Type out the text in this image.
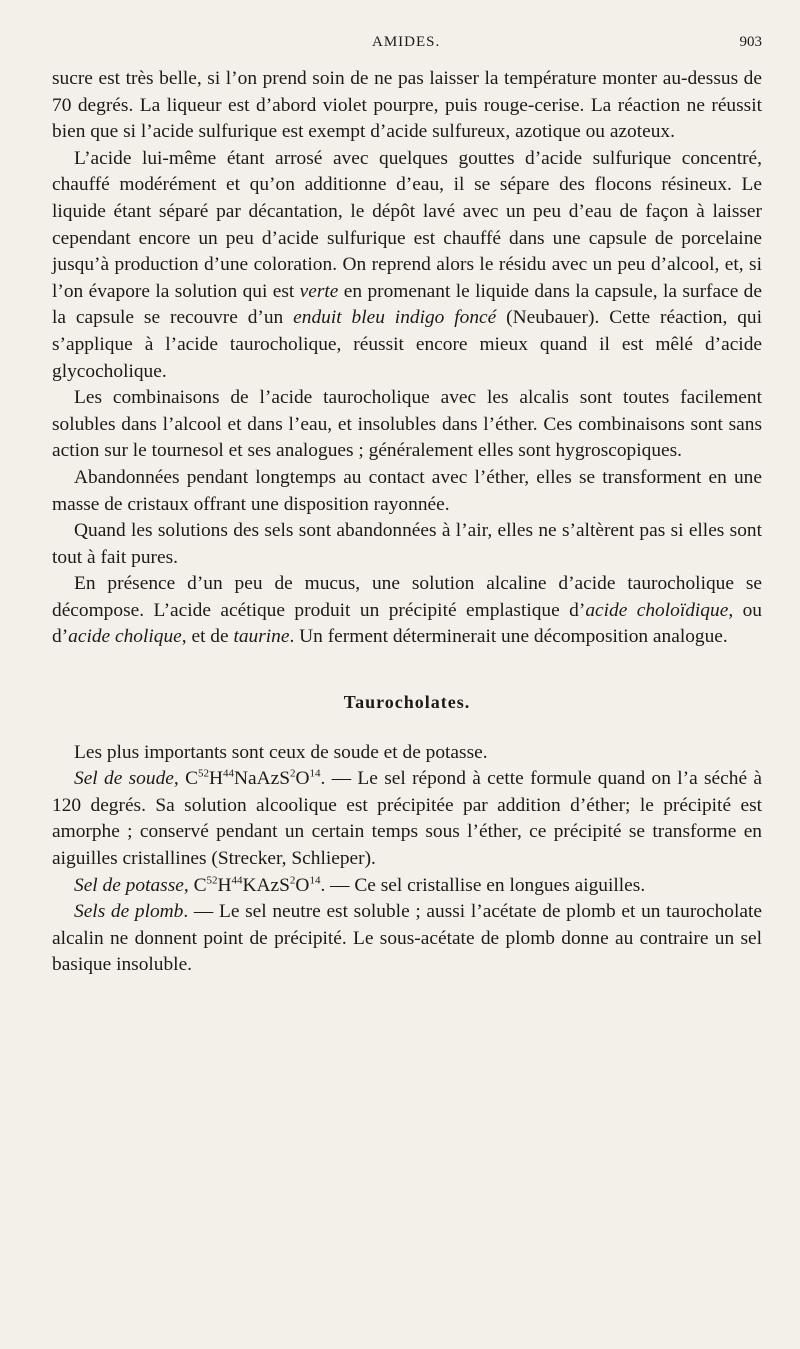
AMIDES.	903

sucre est très belle, si l’on prend soin de ne pas laisser la température monter au-dessus de 70 degrés. La liqueur est d’abord violet pourpre, puis rouge-cerise. La réaction ne réussit bien que si l’acide sulfurique est exempt d’acide sulfureux, azotique ou azoteux.

L’acide lui-même étant arrosé avec quelques gouttes d’acide sulfurique concentré, chauffé modérément et qu’on additionne d’eau, il se sépare des flocons résineux. Le liquide étant séparé par décantation, le dépôt lavé avec un peu d’eau de façon à laisser cependant encore un peu d’acide sulfurique est chauffé dans une capsule de porcelaine jusqu’à production d’une coloration. On reprend alors le résidu avec un peu d’alcool, et, si l’on évapore la solution qui est verte en promenant le liquide dans la capsule, la surface de la capsule se recouvre d’un enduit bleu indigo foncé (Neubauer). Cette réaction, qui s’applique à l’acide taurocholique, réussit encore mieux quand il est mêlé d’acide glycocholique.

Les combinaisons de l’acide taurocholique avec les alcalis sont toutes facilement solubles dans l’alcool et dans l’eau, et insolubles dans l’éther. Ces combinaisons sont sans action sur le tournesol et ses analogues ; généralement elles sont hygroscopiques.

Abandonnées pendant longtemps au contact avec l’éther, elles se transforment en une masse de cristaux offrant une disposition rayonnée.

Quand les solutions des sels sont abandonnées à l’air, elles ne s’altèrent pas si elles sont tout à fait pures.

En présence d’un peu de mucus, une solution alcaline d’acide taurocholique se décompose. L’acide acétique produit un précipité emplastique d’acide choloïdique, ou d’acide cholique, et de taurine. Un ferment déterminerait une décomposition analogue.

Taurocholates.

Les plus importants sont ceux de soude et de potasse.

Sel de soude, $C^{52}H^{44}NaAzS^2O^{14}$. — Le sel répond à cette formule quand on l’a séché à 120 degrés. Sa solution alcoolique est précipitée par addition d’éther; le précipité est amorphe ; conservé pendant un certain temps sous l’éther, ce précipité se transforme en aiguilles cristallines (Strecker, Schlieper).

Sel de potasse, $C^{52}H^{44}KAzS^2O^{14}$. — Ce sel cristallise en longues aiguilles.

Sels de plomb. — Le sel neutre est soluble ; aussi l’acétate de plomb et un taurocholate alcalin ne donnent point de précipité. Le sous-acétate de plomb donne au contraire un sel basique insoluble.
